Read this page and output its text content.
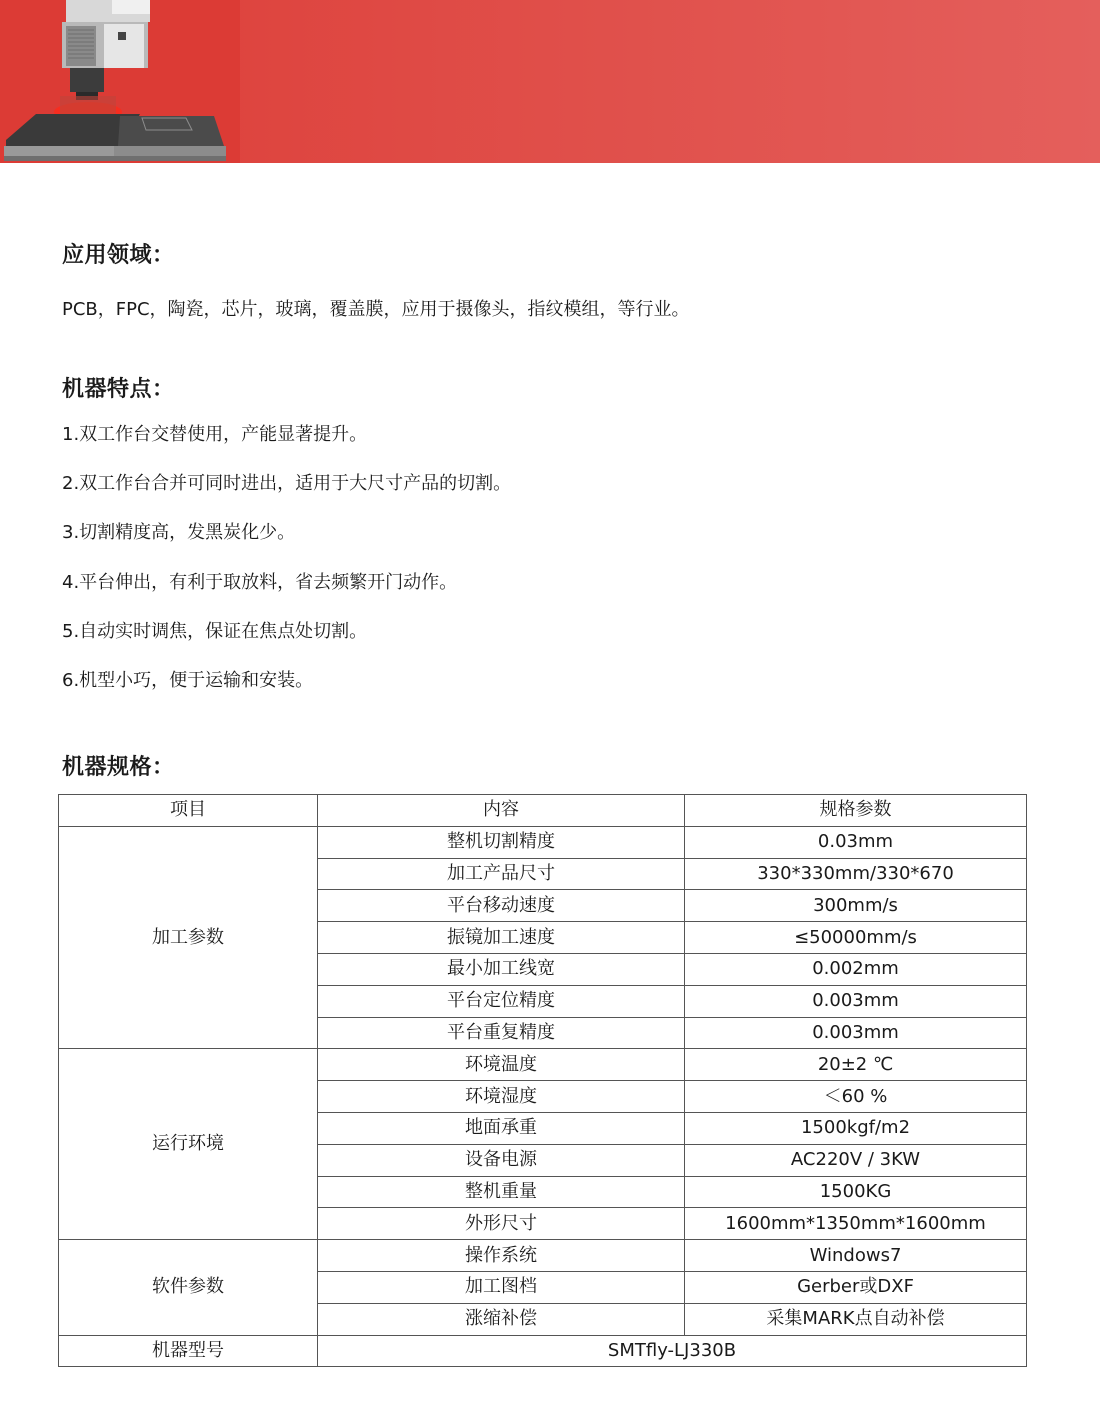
应用领域：

PCB，FPC，陶瓷，芯片，玻璃，覆盖膜，应用于摄像头，指纹模组，等行业。

机器特点：
1.双工作台交替使用，产能显著提升。
2.双工作台合并可同时进出，适用于大尺寸产品的切割。
3.切割精度高，发黑炭化少。
4.平台伸出，有利于取放料，省去频繁开门动作。
5.自动实时调焦，保证在焦点处切割。
6.机型小巧，便于运输和安装。
机器规格：
项目	内容	规格参数
加工参数	整机切割精度	0.03mm
	加工产品尺寸	330*330mm/330*670
	平台移动速度	300mm/s
	振镜加工速度	≤50000mm/s
	最小加工线宽	0.002mm
	平台定位精度	0.003mm
	平台重复精度	0.003mm
运行环境	环境温度	20±2 ℃
	环境湿度	＜60 %
	地面承重	1500kgf/m2
	设备电源	AC220V / 3KW
	整机重量	1500KG
	外形尺寸	1600mm*1350mm*1600mm
软件参数	操作系统	Windows7
	加工图档	Gerber或DXF
	涨缩补偿	采集MARK点自动补偿
机器型号	SMTfly-LJ330B	
